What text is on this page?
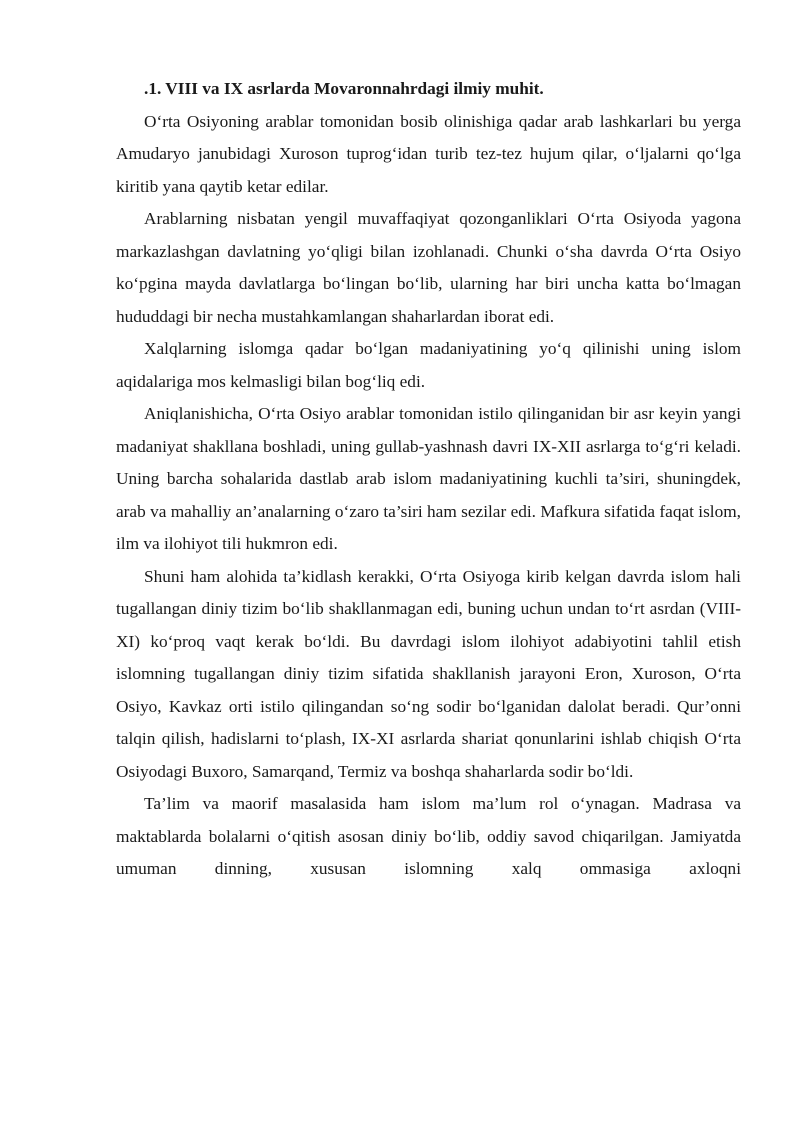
.1. VIII va IX asrlarda Movaronnahrdagi ilmiy muhit.

O‘rta Osiyoning arablar tomonidan bosib olinishiga qadar arab lashkarlari bu yerga Amudaryo janubidagi Xuroson tuprog‘idan turib tez-tez hujum qilar, o‘ljalarni qo‘lga kiritib yana qaytib ketar edilar.

Arablarning nisbatan yengil muvaffaqiyat qozonganliklari O‘rta Osiyoda yagona markazlashgan davlatning yo‘qligi bilan izohlanadi. Chunki o‘sha davrda O‘rta Osiyo ko‘pgina mayda davlatlarga bo‘lingan bo‘lib, ularning har biri uncha katta bo‘lmagan hududdagi bir necha mustahkamlangan shaharlardan iborat edi.

Xalqlarning islomga qadar bo‘lgan madaniyatining yo‘q qilinishi uning islom aqidalariga mos kelmasligi bilan bog‘liq edi.

Aniqlanishicha, O‘rta Osiyo arablar tomonidan istilo qilinganidan bir asr keyin yangi madaniyat shakllana boshladi, uning gullab-yashnash davri IX-XII asrlarga to‘g‘ri keladi. Uning barcha sohalarida dastlab arab islom madaniyatining kuchli ta’siri, shuningdek, arab va mahalliy an’analarning o‘zaro ta’siri ham sezilar edi. Mafkura sifatida faqat islom, ilm va ilohiyot tili hukmron edi.

Shuni ham alohida ta’kidlash kerakki, O‘rta Osiyoga kirib kelgan davrda islom hali tugallangan diniy tizim bo‘lib shakllanmagan edi, buning uchun undan to‘rt asrdan (VIII-XI) ko‘proq vaqt kerak bo‘ldi. Bu davrdagi islom ilohiyot adabiyotini tahlil etish islomning tugallangan diniy tizim sifatida shakllanish jarayoni Eron, Xuroson, O‘rta Osiyo, Kavkaz orti istilo qilingandan so‘ng sodir bo‘lganidan dalolat beradi. Qur’onni talqin qilish, hadislarni to‘plash, IX-XI asrlarda shariat qonunlarini ishlab chiqish O‘rta Osiyodagi Buxoro, Samarqand, Termiz va boshqa shaharlarda sodir bo‘ldi.

Ta’lim va maorif masalasida ham islom ma’lum rol o‘ynagan. Madrasa va maktablarda bolalarni o‘qitish asosan diniy bo‘lib, oddiy savod chiqarilgan. Jamiyatda umuman dinning, xususan islomning xalq ommasiga axloqni
